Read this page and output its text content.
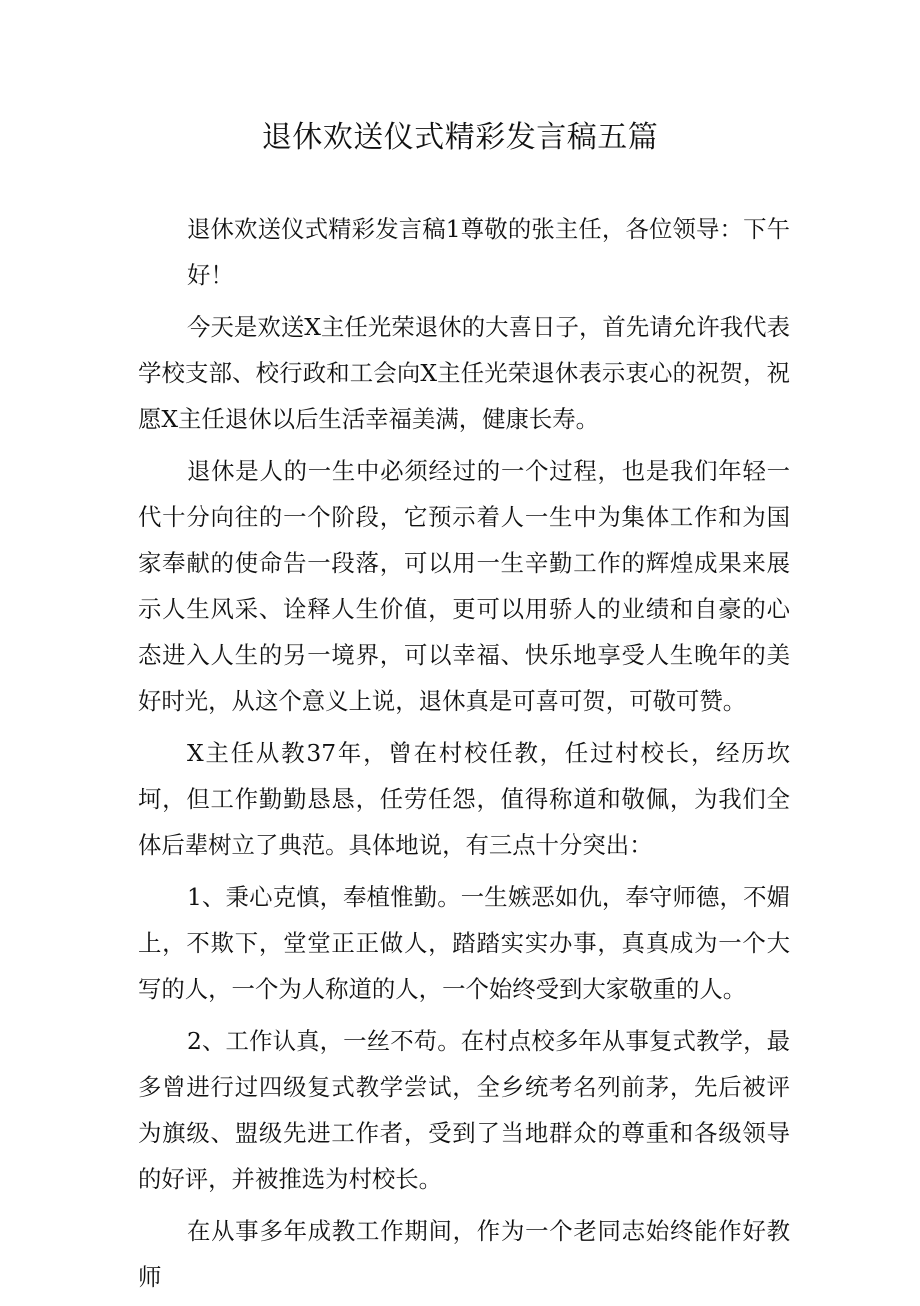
退休欢送仪式精彩发言稿五篇

退休欢送仪式精彩发言稿1尊敬的张主任，各位领导：下午好！

今天是欢送X主任光荣退休的大喜日子，首先请允许我代表学校支部、校行政和工会向X主任光荣退休表示衷心的祝贺，祝愿X主任退休以后生活幸福美满，健康长寿。

退休是人的一生中必须经过的一个过程，也是我们年轻一代十分向往的一个阶段，它预示着人一生中为集体工作和为国家奉献的使命告一段落，可以用一生辛勤工作的辉煌成果来展示人生风采、诠释人生价值，更可以用骄人的业绩和自豪的心态进入人生的另一境界，可以幸福、快乐地享受人生晚年的美好时光，从这个意义上说，退休真是可喜可贺，可敬可赞。

X主任从教37年，曾在村校任教，任过村校长，经历坎坷，但工作勤勤恳恳，任劳任怨，值得称道和敬佩，为我们全体后辈树立了典范。具体地说，有三点十分突出：

1、秉心克慎，奉植惟勤。一生嫉恶如仇，奉守师德，不媚上，不欺下，堂堂正正做人，踏踏实实办事，真真成为一个大写的人，一个为人称道的人，一个始终受到大家敬重的人。

2、工作认真，一丝不苟。在村点校多年从事复式教学，最多曾进行过四级复式教学尝试，全乡统考名列前茅，先后被评为旗级、盟级先进工作者，受到了当地群众的尊重和各级领导的好评，并被推选为村校长。

在从事多年成教工作期间，作为一个老同志始终能作好教师
